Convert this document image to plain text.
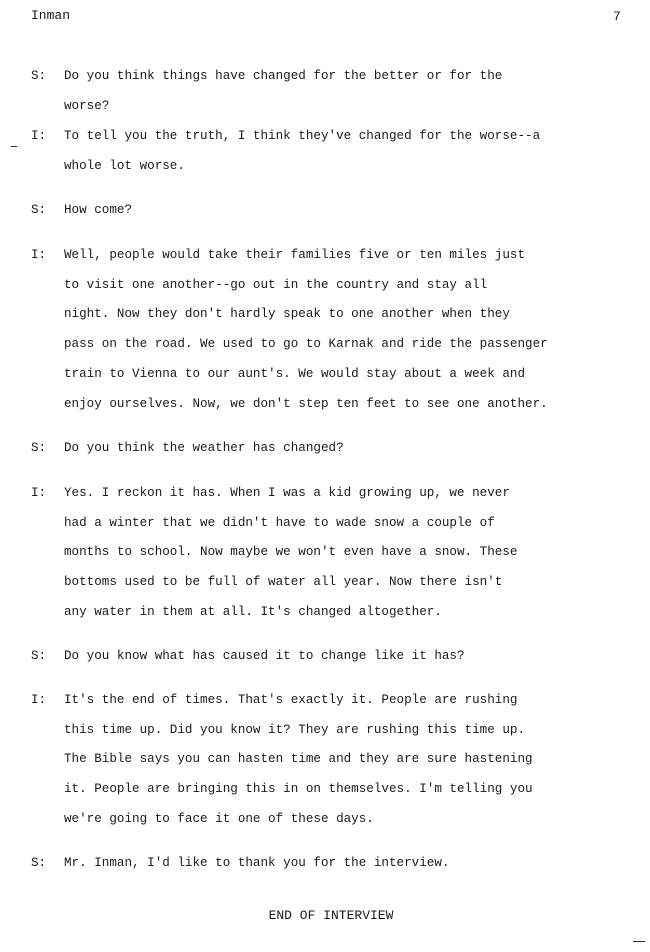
Inman	7
S:	Do you think things have changed for the better or for the
worse?
I:	To tell you the truth, I think they've changed for the worse--a
whole lot worse.
S:	How come?
I:	Well, people would take their families five or ten miles just
to visit one another--go out in the country and stay all
night. Now they don't hardly speak to one another when they
pass on the road. We used to go to Karnak and ride the passenger
train to Vienna to our aunt's. We would stay about a week and
enjoy ourselves. Now, we don't step ten feet to see one another.
S:	Do you think the weather has changed?
I:	Yes. I reckon it has. When I was a kid growing up, we never
had a winter that we didn't have to wade snow a couple of
months to school. Now maybe we won't even have a snow. These
bottoms used to be full of water all year. Now there isn't
any water in them at all. It's changed altogether.
S:	Do you know what has caused it to change like it has?
I:	It's the end of times. That's exactly it. People are rushing
this time up. Did you know it? They are rushing this time up.
The Bible says you can hasten time and they are sure hastening
it. People are bringing this in on themselves. I'm telling you
we're going to face it one of these days.
S:	Mr. Inman, I'd like to thank you for the interview.
END OF INTERVIEW
